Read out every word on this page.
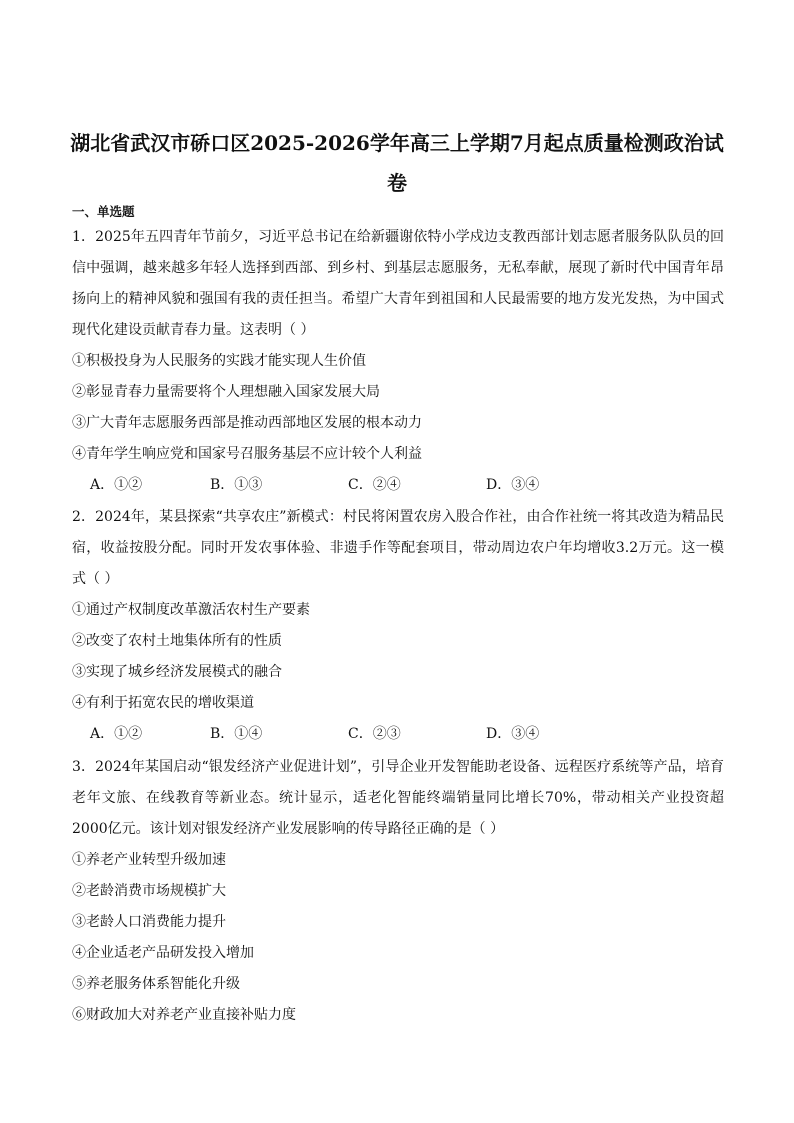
湖北省武汉市硚口区2025-2026学年高三上学期7月起点质量检测政治试
卷
一、单选题
1．2025年五四青年节前夕，习近平总书记在给新疆谢依特小学戍边支教西部计划志愿者服务队队员的回信中强调，越来越多年轻人选择到西部、到乡村、到基层志愿服务，无私奉献，展现了新时代中国青年昂扬向上的精神风貌和强国有我的责任担当。希望广大青年到祖国和人民最需要的地方发光发热，为中国式现代化建设贡献青春力量。这表明（ ）
①积极投身为人民服务的实践才能实现人生价值
②彰显青春力量需要将个人理想融入国家发展大局
③广大青年志愿服务西部是推动西部地区发展的根本动力
④青年学生响应党和国家号召服务基层不应计较个人利益
A．①②	B．①③	C．②④	D．③④
2．2024年，某县探索“共享农庄”新模式：村民将闲置农房入股合作社，由合作社统一将其改造为精品民宿，收益按股分配。同时开发农事体验、非遗手作等配套项目，带动周边农户年均增收3.2万元。这一模式（ ）
①通过产权制度改革激活农村生产要素
②改变了农村土地集体所有的性质
③实现了城乡经济发展模式的融合
④有利于拓宽农民的增收渠道
A．①②	B．①④	C．②③	D．③④
3．2024年某国启动“银发经济产业促进计划”，引导企业开发智能助老设备、远程医疗系统等产品，培育老年文旅、在线教育等新业态。统计显示，适老化智能终端销量同比增长70%，带动相关产业投资超2000亿元。该计划对银发经济产业发展影响的传导路径正确的是（ ）
①养老产业转型升级加速
②老龄消费市场规模扩大
③老龄人口消费能力提升
④企业适老产品研发投入增加
⑤养老服务体系智能化升级
⑥财政加大对养老产业直接补贴力度
